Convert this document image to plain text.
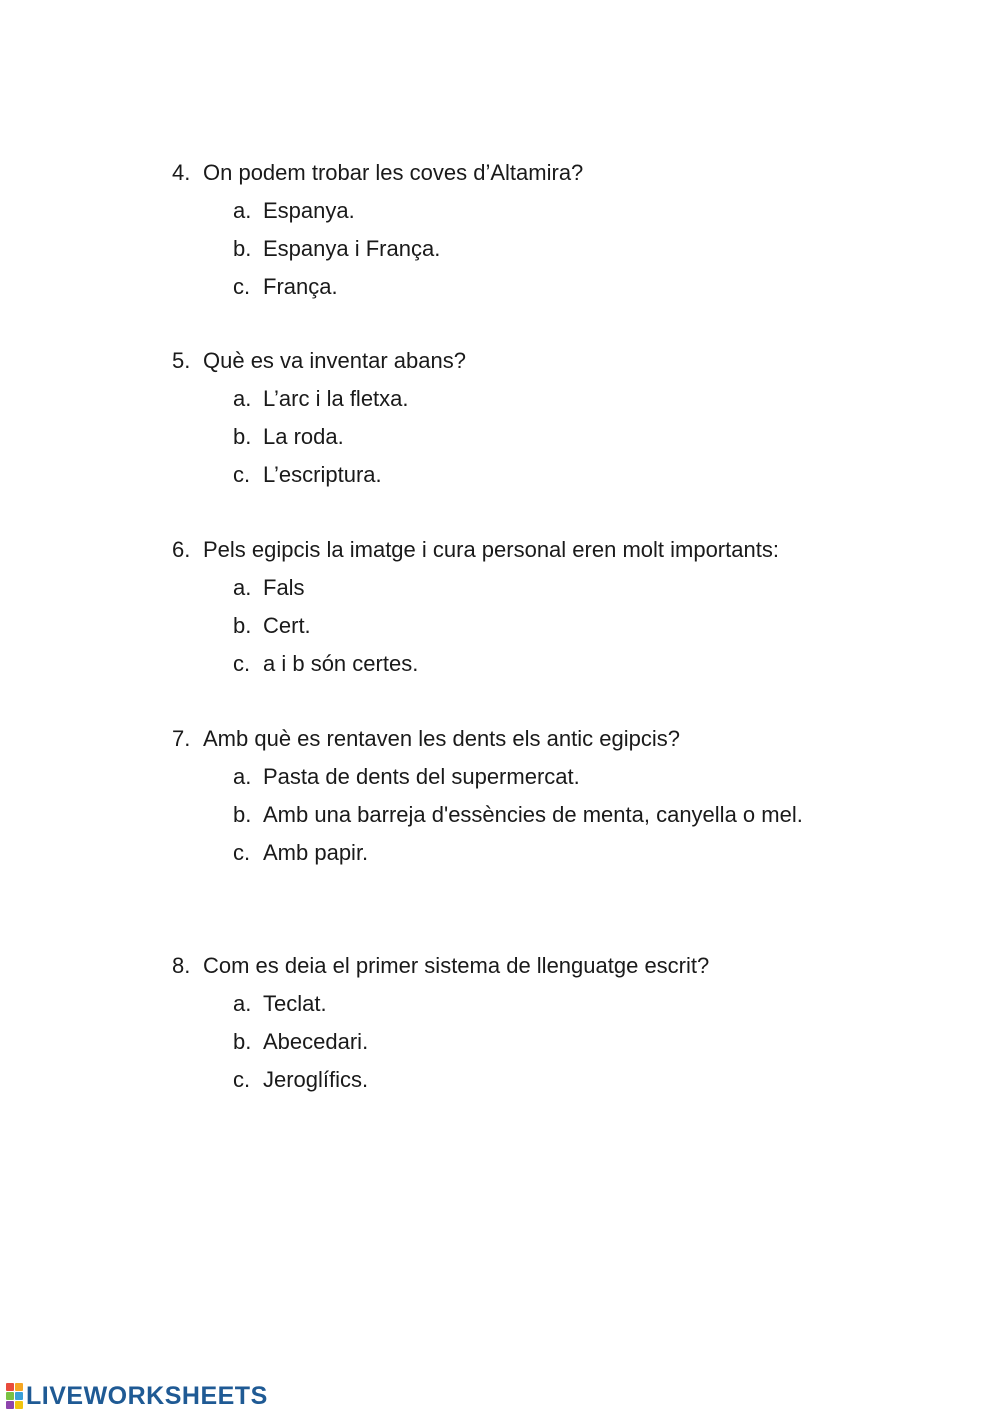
4. On podem trobar les coves d’Altamira?
a. Espanya.
b. Espanya i França.
c. França.
5. Què es va inventar abans?
a. L’arc i la fletxa.
b. La roda.
c. L’escriptura.
6. Pels egipcis la imatge i cura personal eren molt importants:
a. Fals
b. Cert.
c. a i b són certes.
7. Amb què es rentaven les dents els antic egipcis?
a. Pasta de dents del supermercat.
b. Amb una barreja d'essències de menta, canyella o mel.
c. Amb papir.
8. Com es deia el primer sistema de llenguatge escrit?
a. Teclat.
b. Abecedari.
c. Jeroglífics.
LIVEWORKSHEETS
